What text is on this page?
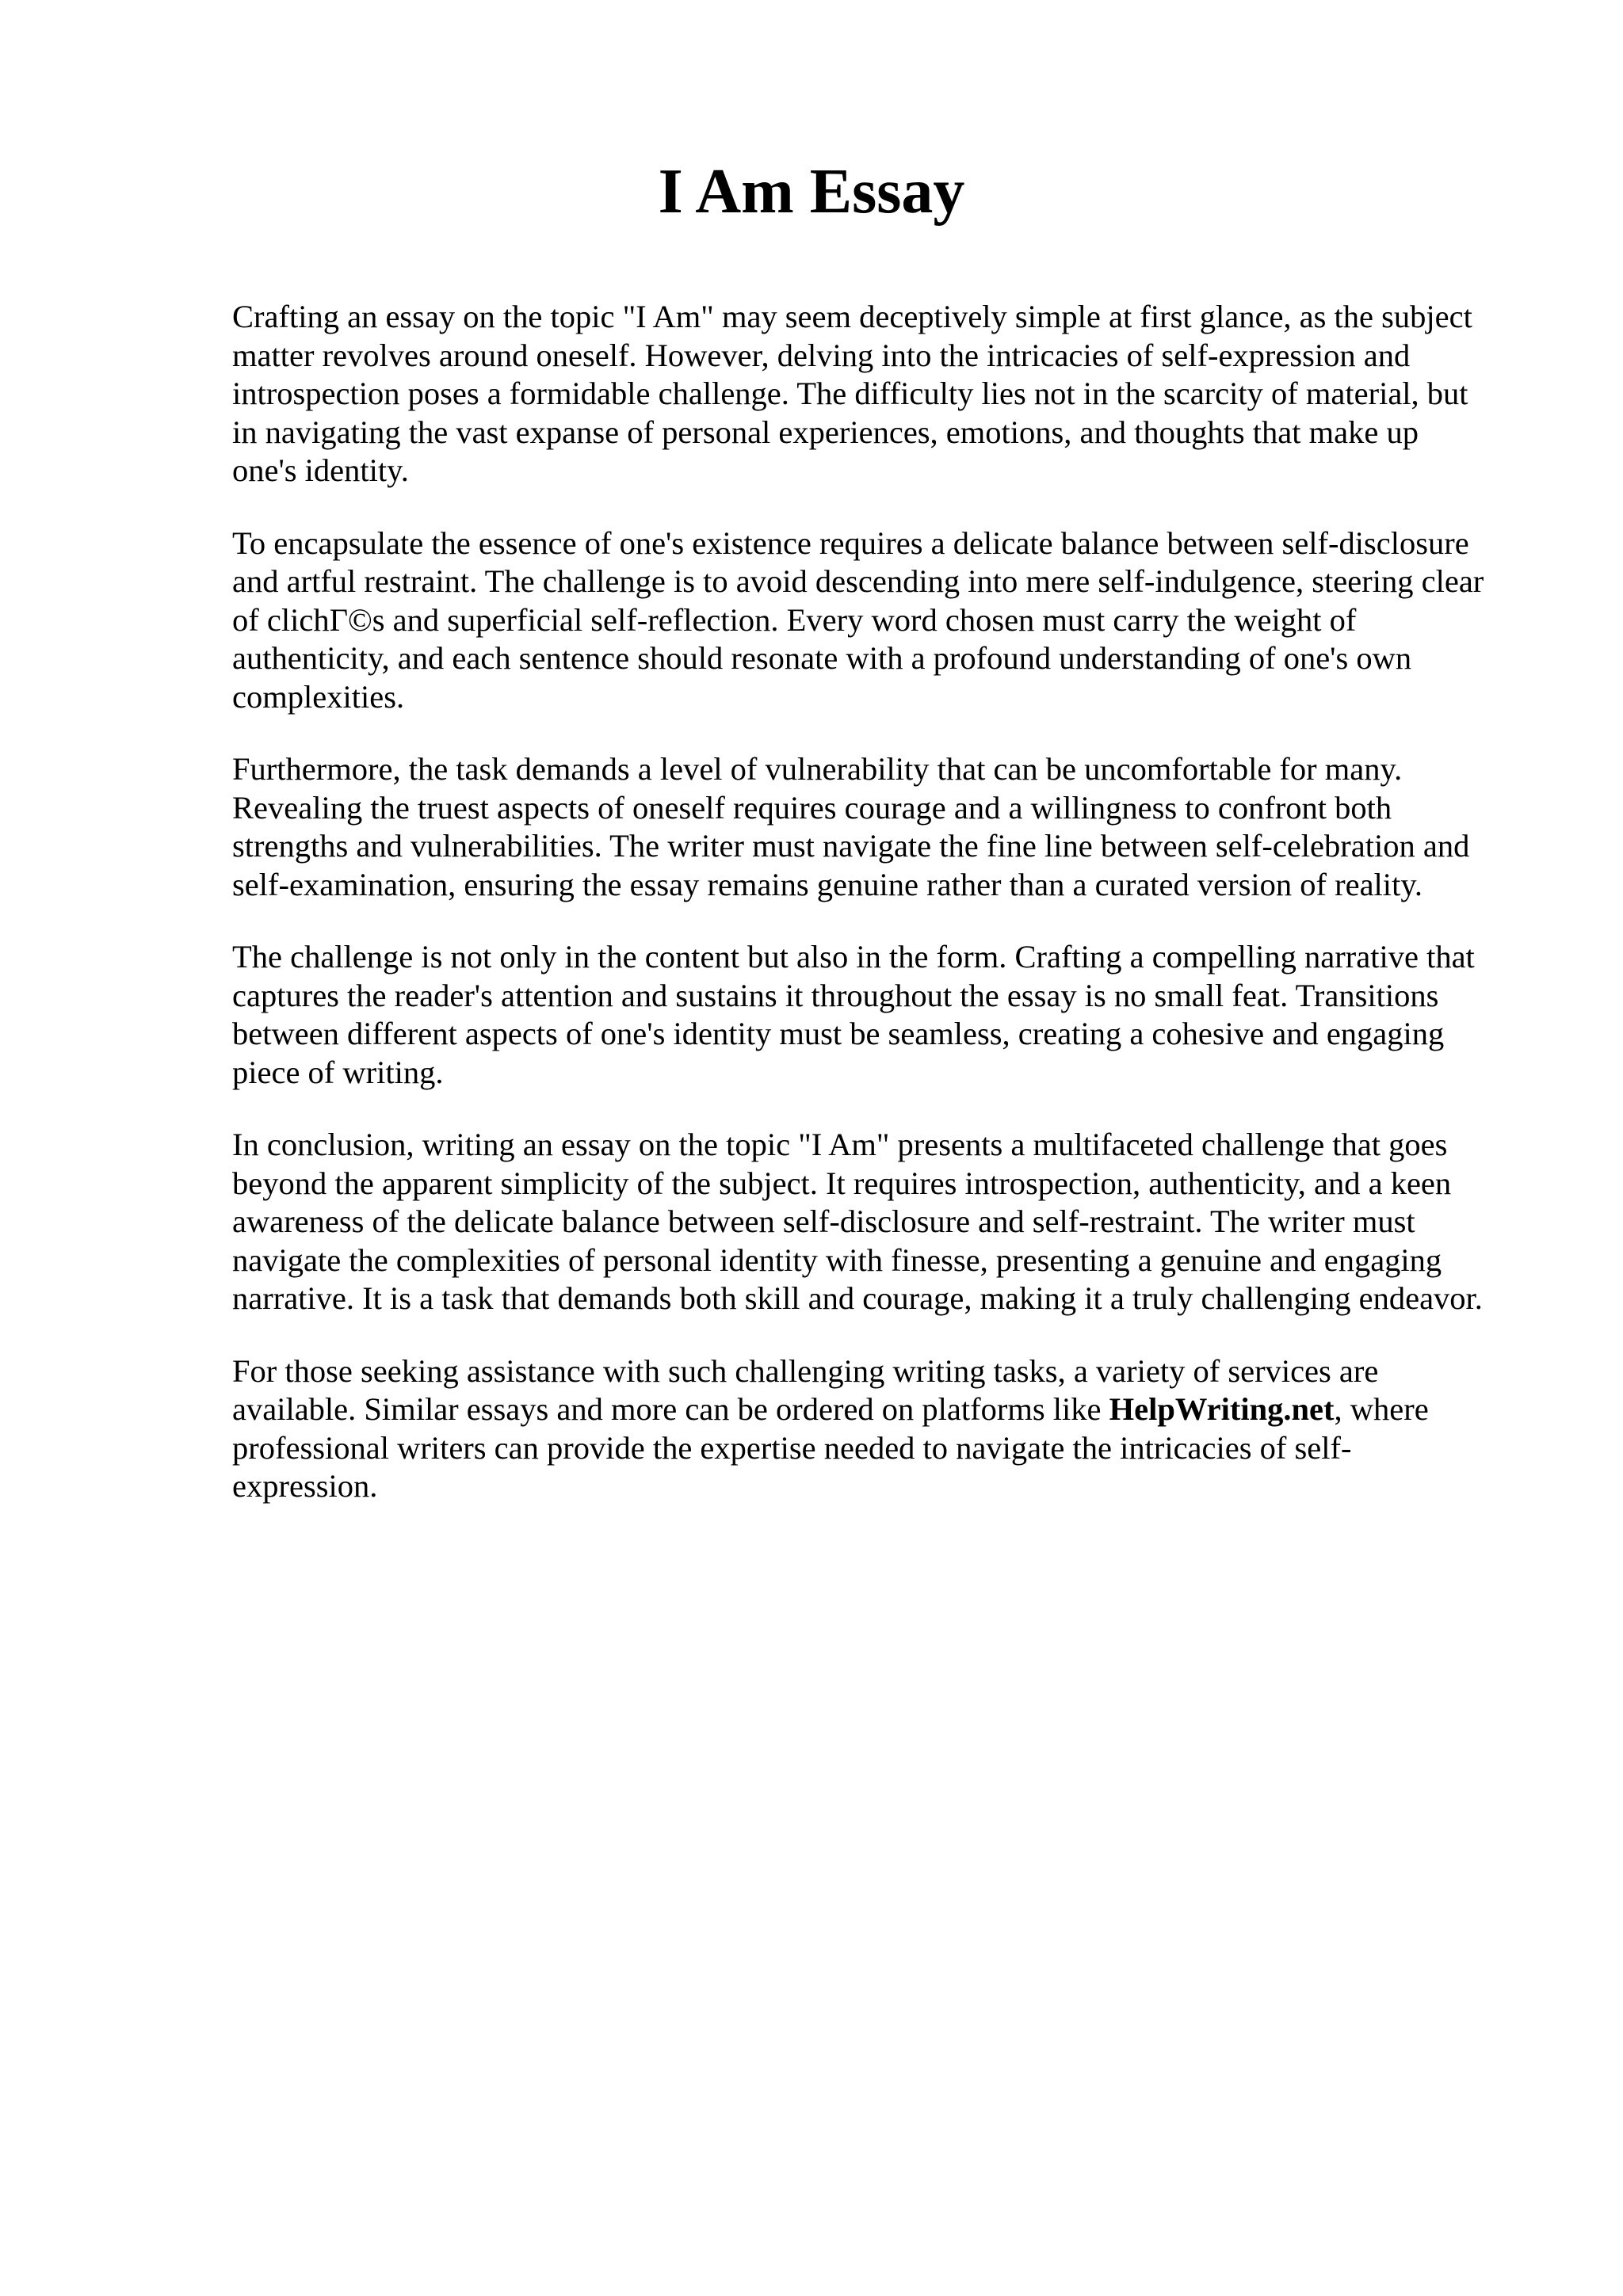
I Am Essay

Crafting an essay on the topic "I Am" may seem deceptively simple at first glance, as the subject
matter revolves around oneself. However, delving into the intricacies of self-expression and
introspection poses a formidable challenge. The difficulty lies not in the scarcity of material, but
in navigating the vast expanse of personal experiences, emotions, and thoughts that make up
one's identity.

To encapsulate the essence of one's existence requires a delicate balance between self-disclosure
and artful restraint. The challenge is to avoid descending into mere self-indulgence, steering clear
of clichГ©s and superficial self-reflection. Every word chosen must carry the weight of
authenticity, and each sentence should resonate with a profound understanding of one's own
complexities.

Furthermore, the task demands a level of vulnerability that can be uncomfortable for many.
Revealing the truest aspects of oneself requires courage and a willingness to confront both
strengths and vulnerabilities. The writer must navigate the fine line between self-celebration and
self-examination, ensuring the essay remains genuine rather than a curated version of reality.

The challenge is not only in the content but also in the form. Crafting a compelling narrative that
captures the reader's attention and sustains it throughout the essay is no small feat. Transitions
between different aspects of one's identity must be seamless, creating a cohesive and engaging
piece of writing.

In conclusion, writing an essay on the topic "I Am" presents a multifaceted challenge that goes
beyond the apparent simplicity of the subject. It requires introspection, authenticity, and a keen
awareness of the delicate balance between self-disclosure and self-restraint. The writer must
navigate the complexities of personal identity with finesse, presenting a genuine and engaging
narrative. It is a task that demands both skill and courage, making it a truly challenging endeavor.

For those seeking assistance with such challenging writing tasks, a variety of services are
available. Similar essays and more can be ordered on platforms like HelpWriting.net, where
professional writers can provide the expertise needed to navigate the intricacies of self-
expression.
